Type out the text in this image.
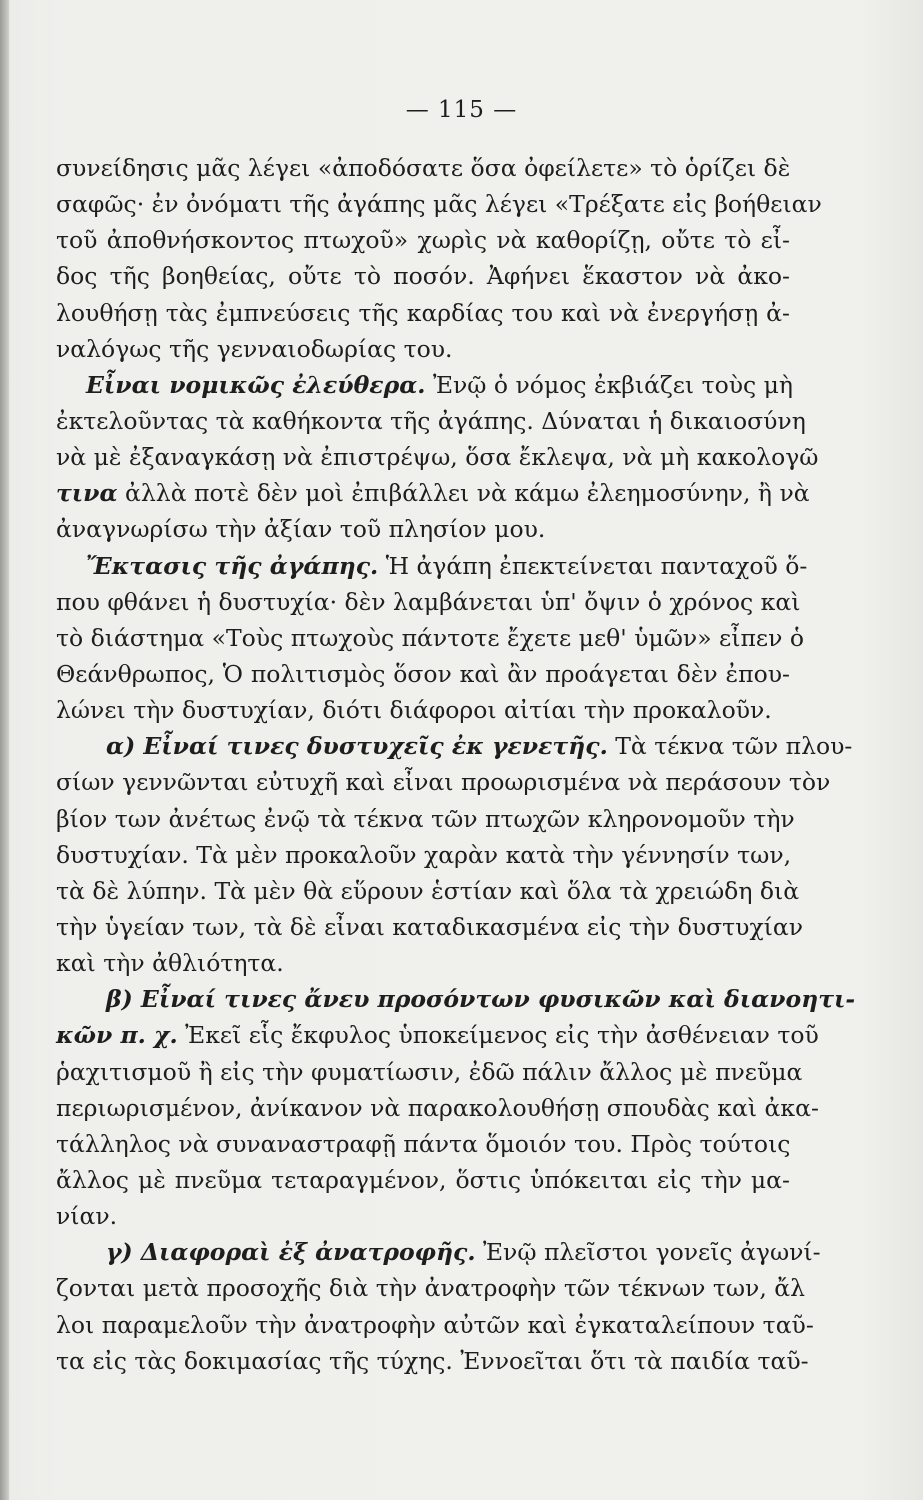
— 115 —
συνείδησις μᾶς λέγει «ἀποδόσατε ὅσα ὀφείλετε» τὸ ὁρίζει δὲ
σαφῶς· ἐν ὀνόματι τῆς ἀγάπης μᾶς λέγει «Τρέξατε εἰς βοήθειαν
τοῦ ἀποθνήσκοντος πτωχοῦ» χωρὶς νὰ καθορίζῃ, οὔτε τὸ εἶ-
δος τῆς βοηθείας, οὔτε τὸ ποσόν. Ἀφήνει ἕκαστον νὰ ἀκο-
λουθήσῃ τὰς ἐμπνεύσεις τῆς καρδίας του καὶ νὰ ἐνεργήσῃ ἀ-
ναλόγως τῆς γενναιοδωρίας του.
Εἶναι νομικῶς ἐλεύθερα. Ἐνῷ ὁ νόμος ἐκβιάζει τοὺς μὴ
ἐκτελοῦντας τὰ καθήκοντα τῆς ἀγάπης. Δύναται ἡ δικαιοσύνη
νὰ μὲ ἐξαναγκάσῃ νὰ ἐπιστρέψω, ὅσα ἔκλεψα, νὰ μὴ κακολογῶ
τινα ἀλλὰ ποτὲ δὲν μοὶ ἐπιβάλλει νὰ κάμω ἐλεημοσύνην, ἢ νὰ
ἀναγνωρίσω τὴν ἀξίαν τοῦ πλησίον μου.
Ἔκτασις τῆς ἀγάπης. Ἡ ἀγάπη ἐπεκτείνεται πανταχοῦ ὅ-
που φθάνει ἡ δυστυχία· δὲν λαμβάνεται ὑπ' ὄψιν ὁ χρόνος καὶ
τὸ διάστημα «Τοὺς πτωχοὺς πάντοτε ἔχετε μεθ' ὑμῶν» εἶπεν ὁ
Θεάνθρωπος, Ὁ πολιτισμὸς ὅσον καὶ ἂν προάγεται δὲν ἐπου-
λώνει τὴν δυστυχίαν, διότι διάφοροι αἰτίαι τὴν προκαλοῦν.
α) Εἶναί τινες δυστυχεῖς ἐκ γενετῆς. Τὰ τέκνα τῶν πλου-
σίων γεννῶνται εὐτυχῆ καὶ εἶναι προωρισμένα νὰ περάσουν τὸν
βίον των ἀνέτως ἐνῷ τὰ τέκνα τῶν πτωχῶν κληρονομοῦν τὴν
δυστυχίαν. Τὰ μὲν προκαλοῦν χαρὰν κατὰ τὴν γέννησίν των,
τὰ δὲ λύπην. Τὰ μὲν θὰ εὕρουν ἑστίαν καὶ ὅλα τὰ χρειώδη διὰ
τὴν ὑγείαν των, τὰ δὲ εἶναι καταδικασμένα εἰς τὴν δυστυχίαν
καὶ τὴν ἀθλιότητα.
β) Εἶναί τινες ἄνευ προσόντων φυσικῶν καὶ διανοητι-
κῶν π. χ. Ἐκεῖ εἷς ἔκφυλος ὑποκείμενος εἰς τὴν ἀσθένειαν τοῦ
ῥαχιτισμοῦ ἢ εἰς τὴν φυματίωσιν, ἐδῶ πάλιν ἄλλος μὲ πνεῦμα
περιωρισμένον, ἀνίκανον νὰ παρακολουθήσῃ σπουδὰς καὶ ἀκα-
τάλληλος νὰ συναναστραφῇ πάντα ὅμοιόν του. Πρὸς τούτοις
ἄλλος μὲ πνεῦμα τεταραγμένον, ὅστις ὑπόκειται εἰς τὴν μα-
νίαν.
γ) Διαφοραὶ ἐξ ἀνατροφῆς. Ἐνῷ πλεῖστοι γονεῖς ἀγωνί-
ζονται μετὰ προσοχῆς διὰ τὴν ἀνατροφὴν τῶν τέκνων των, ἄλ
λοι παραμελοῦν τὴν ἀνατροφὴν αὐτῶν καὶ ἐγκαταλείπουν ταῦ-
τα εἰς τὰς δοκιμασίας τῆς τύχης. Ἐννοεῖται ὅτι τὰ παιδία ταῦ-
